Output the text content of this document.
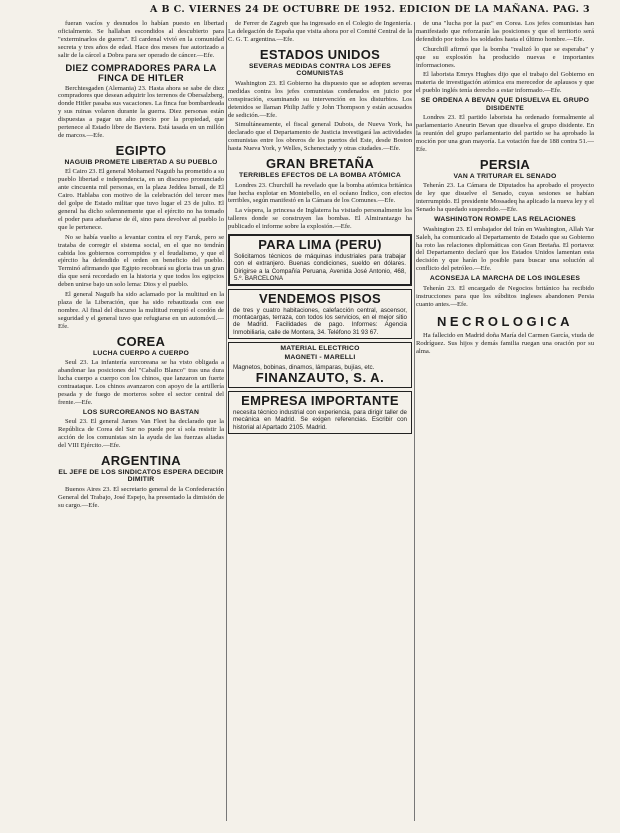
A B C. VIERNES 24 DE OCTUBRE DE 1952. EDICION DE LA MAÑANA. PAG. 3

fueran vacíos y desnudos lo habían puesto en libertad oficialmente. Se hallaban escondidos al descubierto para "exterminarlos de guerra". El cardenal vivió en la comunidad secreta y tres años de edad. Hace dos meses fue autorizado a salir de la cárcel a Dobra para ser operado de cáncer.—Efe.

DIEZ COMPRADORES PARA LA FINCA DE HITLER

Berchtesgaden (Alemania) 23. Hasta ahora se sabe de diez compradores que desean adquirir los terrenos de Obersalzberg, donde Hitler pasaba sus vacaciones. La finca fue bombardeada y sus ruinas volaron durante la guerra. Diez personas están dispuestas a pagar un alto precio por la propiedad, que pertenece al Estado libre de Baviera. Está tasada en un millón de marcos.—Efe.

EGIPTO
NAGUIB PROMETE LIBERTAD A SU PUEBLO

El Cairo 23. El general Mohamed Naguib ha prometido a su pueblo libertad e independencia, en un discurso pronunciado ante cincuenta mil personas, en la plaza Jeddea Ismail, de El Cairo. Hablaba con motivo de la celebración del tercer mes del golpe de Estado militar que tuvo lugar el 23 de julio. El general ha dicho solemnemente que el ejército no ha tomado el poder para adueñarse de él, sino para devolver al pueblo lo que le pertenece.

No se había vuelto a levantar contra el rey Faruk, pero se trataba de corregir el sistema social, en el que no tendrán cabida los gobiernos corrompidos y el feudalismo, y que el ejército ha defendido el orden en beneficio del pueblo. Terminó afirmando que Egipto recobrará su gloria tras un gran día que será recordado en la historia y que todos los egipcios deben unirse bajo un solo lema: Dios y el pueblo.

El general Naguib ha sido aclamado por la multitud en la plaza de la Liberación, que ha sido rebautizada con ese nombre. Al final del discurso la multitud rompió el cordón de seguridad y el general tuvo que refugiarse en un automóvil.—Efe.

COREA
LUCHA CUERPO A CUERPO

Seul 23. La infantería surcoreana se ha visto obligada a abandonar las posiciones del "Caballo Blanco" tras una dura lucha cuerpo a cuerpo con los chinos, que lanzaron un fuerte contraataque. Los chinos avanzaron con apoyo de la artillería pesada y de fuego de morteros sobre el sector central del frente.—Efe.

LOS SURCOREANOS NO BASTAN

Seul 23. El general James Van Fleet ha declarado que la República de Corea del Sur no puede por sí sola resistir la acción de los comunistas sin la ayuda de las fuerzas aliadas del VIII Ejército.—Efe.

ARGENTINA
EL JEFE DE LOS SINDICATOS ESPERA DECIDIR DIMITIR

Buenos Aires 23. El secretario general de la Confederación General del Trabajo, José Espejo, ha presentado la dimisión de su cargo.—Efe.

de Ferrer de Zagreb que ha ingresado en el Colegio de Ingeniería. La delegación de España que visita ahora por el Comité Central de la C. G. T. argentina.—Efe.

ESTADOS UNIDOS
SEVERAS MEDIDAS CONTRA LOS JEFES COMUNISTAS

Washington 23. El Gobierno ha dispuesto que se adopten severas medidas contra los jefes comunistas condenados en juicio por conspiración, examinando su intervención en los disturbios. Los detenidos se llaman Philip Jaffe y John Thompson y están acusados de sedición.—Efe.

Simultáneamente, el fiscal general Dubois, de Nueva York, ha declarado que el Departamento de Justicia investigará las actividades comunistas entre los obreros de los puertos del Este, desde Boston hasta Nueva York, y Welles, Schenectady y otras ciudades.—Efe.

GRAN BRETAÑA
TERRIBLES EFECTOS DE LA BOMBA ATÓMICA

Londres 23. Churchill ha revelado que la bomba atómica británica fue hecha explotar en Montebello, en el océano Índico, con efectos terribles, según manifestó en la Cámara de los Comunes.—Efe.

La víspera, la princesa de Inglaterra ha visitado personalmente los talleres donde se construyen las bombas. El Almirantazgo ha publicado el informe sobre la explosión.—Efe.

PARA LIMA (PERU)
Solicitamos técnicos de máquinas industriales para trabajar con el extranjero. Buenas condiciones, sueldo en dólares. Dirigirse a la Compañía Peruana, Avenida José Antonio, 468, 5.º. BARCELONA
VENDEMOS PISOS
de tres y cuatro habitaciones, calefacción central, ascensor, montacargas, terraza, con todos los servicios, en el mejor sitio de Madrid. Facilidades de pago. Informes: Agencia Inmobiliaria, calle de Montera, 34. Teléfono 31 93 67.
MATERIAL ELECTRICO
MAGNETI - MARELLI
Magnetos, bobinas, dinamos, lámparas, bujías, etc.
FINANZAUTO, S. A.
EMPRESA IMPORTANTE
necesita técnico industrial con experiencia, para dirigir taller de mecánica en Madrid. Se exigen referencias. Escribir con historial al Apartado 2105. Madrid.

de una "lucha por la paz" en Corea. Los jefes comunistas han manifestado que reforzarán las posiciones y que el territorio será defendido por todos los soldados hasta el último hombre.—Efe.

Churchill afirmó que la bomba "realizó lo que se esperaba" y que su explosión ha producido nuevas e importantes informaciones.

El laborista Emrys Hughes dijo que el trabajo del Gobierno en materia de investigación atómica era merecedor de aplausos y que el pueblo inglés tenía derecho a estar informado.—Efe.

SE ORDENA A BEVAN QUE DISUELVA EL GRUPO DISIDENTE

Londres 23. El partido laborista ha ordenado formalmente al parlamentario Aneurin Bevan que disuelva el grupo disidente. En la reunión del grupo parlamentario del partido se ha aprobado la moción por una gran mayoría. La votación fue de 188 contra 51.—Efe.

PERSIA
VAN A TRITURAR EL SENADO

Teherán 23. La Cámara de Diputados ha aprobado el proyecto de ley que disuelve el Senado, cuyas sesiones se habían interrumpido. El presidente Mossadeq ha aplicado la nueva ley y el Senado ha quedado suspendido.—Efe.

WASHINGTON ROMPE LAS RELACIONES

Washington 23. El embajador del Irán en Washington, Allah Yar Saleh, ha comunicado al Departamento de Estado que su Gobierno ha roto las relaciones diplomáticas con Gran Bretaña. El portavoz del Departamento declaró que los Estados Unidos lamentan esta decisión y que harán lo posible para buscar una solución al conflicto del petróleo.—Efe.

ACONSEJA LA MARCHA DE LOS INGLESES

Teherán 23. El encargado de Negocios británico ha recibido instrucciones para que los súbditos ingleses abandonen Persia cuanto antes.—Efe.

NECROLOGICA

Ha fallecido en Madrid doña María del Carmen García, viuda de Rodríguez. Sus hijos y demás familia ruegan una oración por su alma.
